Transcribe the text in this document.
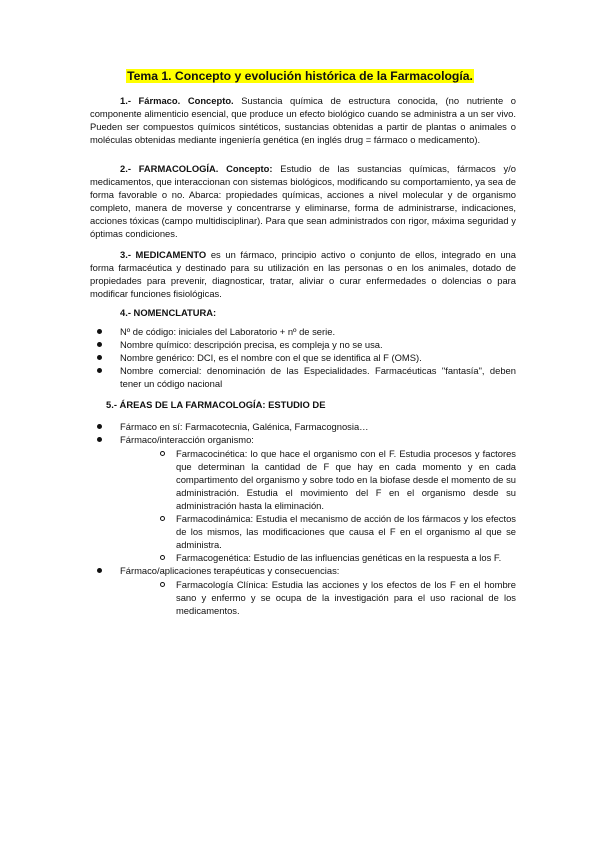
Tema 1. Concepto y evolución histórica de la Farmacología.

1.- Fármaco. Concepto. Sustancia química de estructura conocida, (no nutriente o componente alimenticio esencial, que produce un efecto biológico cuando se administra a un ser vivo. Pueden ser compuestos químicos sintéticos, sustancias obtenidas a partir de plantas o animales o moléculas obtenidas mediante ingeniería genética (en inglés drug = fármaco o medicamento).

2.- FARMACOLOGÍA. Concepto: Estudio de las sustancias químicas, fármacos y/o medicamentos, que interaccionan con sistemas biológicos, modificando su comportamiento, ya sea de forma favorable o no. Abarca: propiedades químicas, acciones a nivel molecular y de organismo completo, manera de moverse y concentrarse y eliminarse, forma de administrarse, indicaciones, acciones tóxicas (campo multidisciplinar). Para que sean administrados con rigor, máxima seguridad y óptimas condiciones.

3.- MEDICAMENTO es un fármaco, principio activo o conjunto de ellos, integrado en una forma farmacéutica y destinado para su utilización en las personas o en los animales, dotado de propiedades para prevenir, diagnosticar, tratar, aliviar o curar enfermedades o dolencias o para modificar funciones fisiológicas.

4.- NOMENCLATURA:
Nº de código: iniciales del Laboratorio + nº de serie.
Nombre químico: descripción precisa, es compleja y no se usa.
Nombre genérico: DCI, es el nombre con el que se identifica al F (OMS).
Nombre comercial: denominación de las Especialidades. Farmacéuticas "fantasía", deben tener un código nacional
5.- ÁREAS DE LA FARMACOLOGÍA: ESTUDIO DE
Fármaco en sí: Farmacotecnia, Galénica, Farmacognosia…
Fármaco/interacción organismo:
Farmacocinética: lo que hace el organismo con el F. Estudia procesos y factores que determinan la cantidad de F que hay en cada momento y en cada compartimento del organismo y sobre todo en la biofase desde el momento de su administración. Estudia el movimiento del F en el organismo desde su administración hasta la eliminación.
Farmacodinámica: Estudia el mecanismo de acción de los fármacos y los efectos de los mismos, las modificaciones que causa el F en el organismo al que se administra.
Farmacogenética: Estudio de las influencias genéticas en la respuesta a los F.
Fármaco/aplicaciones terapéuticas y consecuencias:
Farmacología Clínica: Estudia las acciones y los efectos de los F en el hombre sano y enfermo y se ocupa de la investigación para el uso racional de los medicamentos.
